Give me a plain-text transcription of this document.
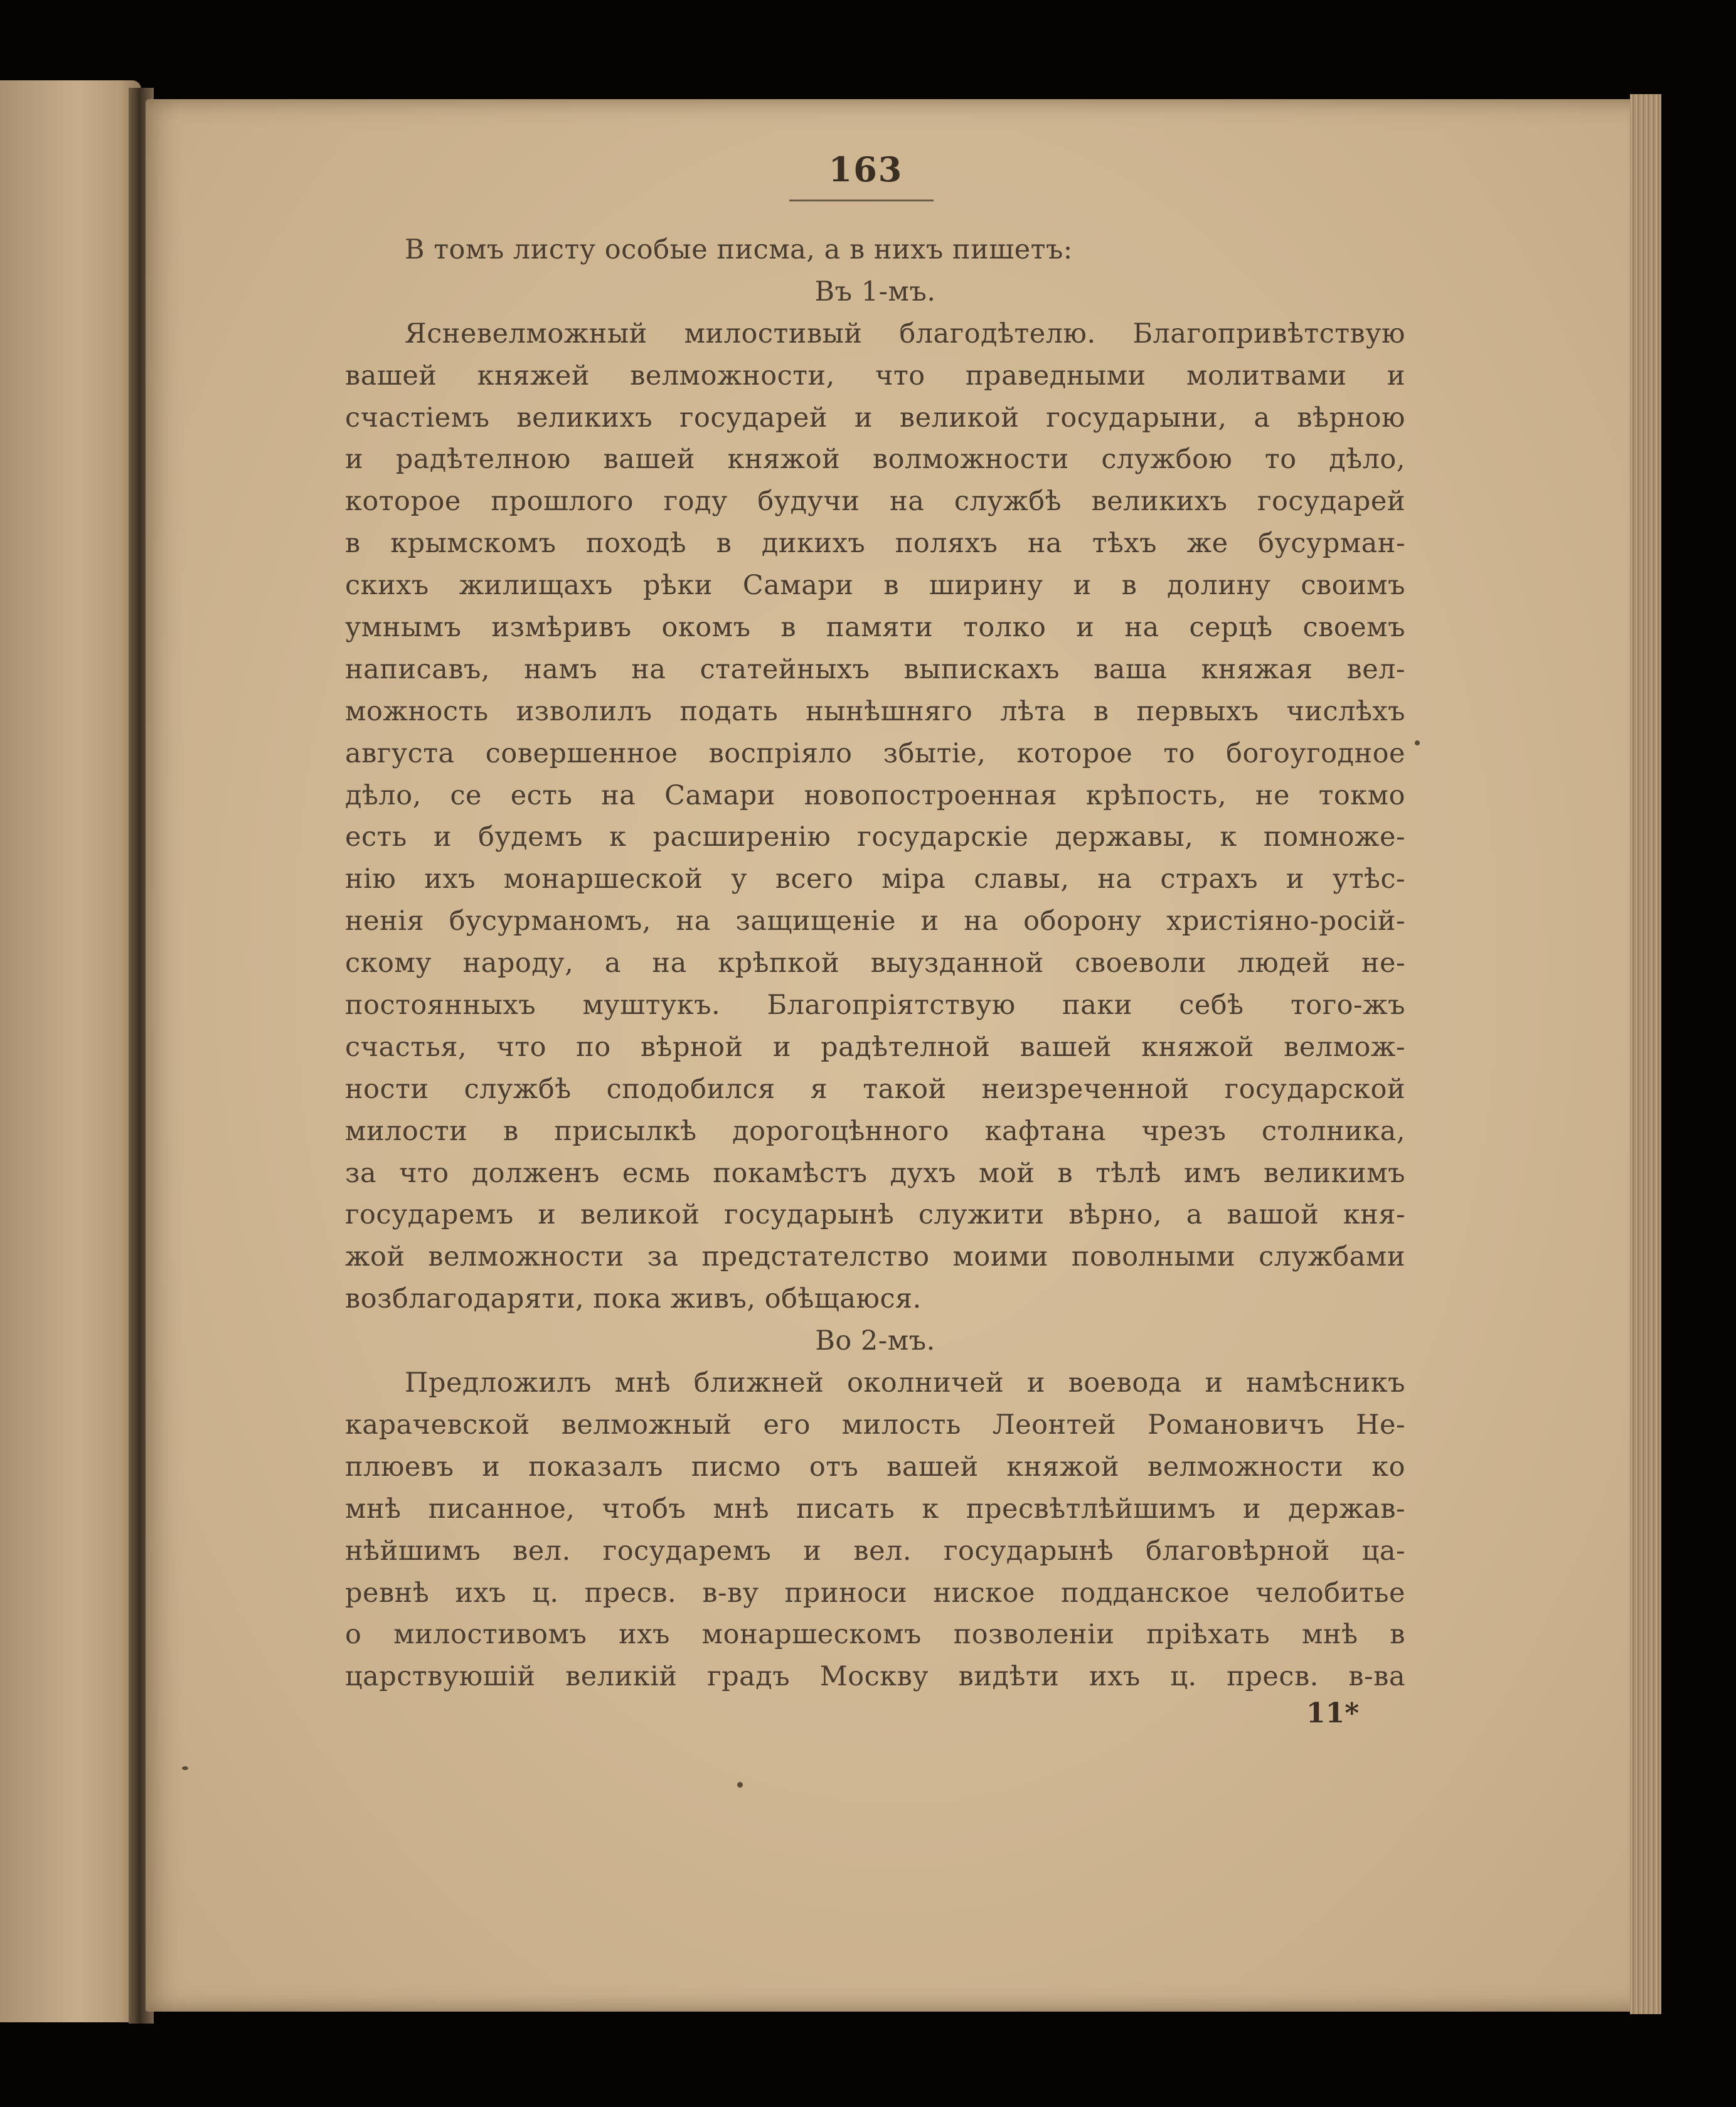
163
В томъ листу особые писма, а в нихъ пишетъ:
Въ 1-мъ.
Ясневелможный милостивый благодѣтелю. Благопривѣтствую
вашей княжей велможности, что праведными молитвами и
счастіемъ великихъ государей и великой государыни, а вѣрною
и радѣтелною вашей княжой волможности службою то дѣло,
которое прошлого году будучи на службѣ великихъ государей
в крымскомъ походѣ в дикихъ поляхъ на тѣхъ же бусурман-
скихъ жилищахъ рѣки Самари в ширину и в долину своимъ
умнымъ измѣривъ окомъ в памяти толко и на серцѣ своемъ
написавъ, намъ на статейныхъ выпискахъ ваша княжая вел-
можность изволилъ подать нынѣшняго лѣта в первыхъ числѣхъ
августа совершенное воспріяло збытіе, которое то богоугодное
дѣло, се есть на Самари новопостроенная крѣпость, не токмо
есть и будемъ к расширенію государскіе державы, к помноже-
нію ихъ монаршеской у всего міра славы, на страхъ и утѣс-
ненія бусурманомъ, на защищеніе и на оборону христіяно-росій-
скому народу, а на крѣпкой выузданной своеволи людей не-
постоянныхъ муштукъ. Благопріятствую паки себѣ того-жъ
счастья, что по вѣрной и радѣтелной вашей княжой велмож-
ности службѣ сподобился я такой неизреченной государской
милости в присылкѣ дорогоцѣнного кафтана чрезъ столника,
за что долженъ есмь покамѣстъ духъ мой в тѣлѣ имъ великимъ
государемъ и великой государынѣ служити вѣрно, а вашой кня-
жой велможности за предстателство моими поволными службами
возблагодаряти, пока живъ, обѣщаюся.
Во 2-мъ.
Предложилъ мнѣ ближней околничей и воевода и намѣсникъ
карачевской велможный его милость Леонтей Романовичъ Не-
плюевъ и показалъ писмо отъ вашей княжой велможности ко
мнѣ писанное, чтобъ мнѣ писать к пресвѣтлѣйшимъ и держав-
нѣйшимъ вел. государемъ и вел. государынѣ благовѣрной ца-
ревнѣ ихъ ц. пресв. в-ву приноси нискоe подданское челобитье
о милостивомъ ихъ монаршескомъ позволеніи пріѣхать мнѣ в
царствуюшій великій градъ Москву видѣти ихъ ц. пресв. в-ва
11*
